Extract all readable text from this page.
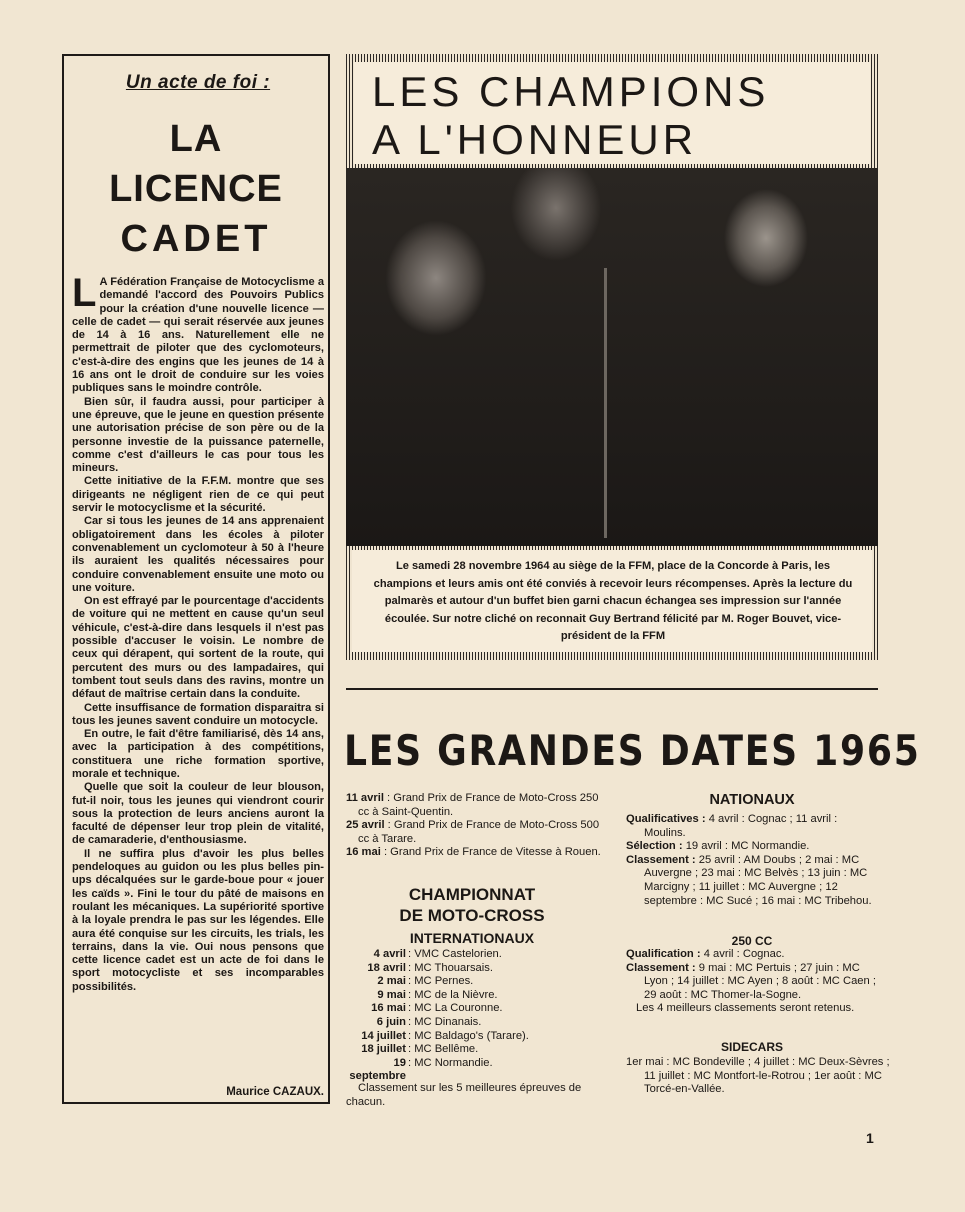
Un acte de foi :
LA
LICENCE
CADET

L A Fédération Française de Motocyclisme a demandé l'accord des Pouvoirs Publics pour la création d'une nouvelle licence — celle de cadet — qui serait réservée aux jeunes de 14 à 16 ans. Naturellement elle ne permettrait de piloter que des cyclomoteurs, c'est-à-dire des engins que les jeunes de 14 à 16 ans ont le droit de conduire sur les voies publiques sans le moindre contrôle.

Bien sûr, il faudra aussi, pour participer à une épreuve, que le jeune en question présente une autorisation précise de son père ou de la personne investie de la puissance paternelle, comme c'est d'ailleurs le cas pour tous les mineurs.

Cette initiative de la F.F.M. montre que ses dirigeants ne négligent rien de ce qui peut servir le motocyclisme et la sécurité.

Car si tous les jeunes de 14 ans apprenaient obligatoirement dans les écoles à piloter convenablement un cyclomoteur à 50 à l'heure ils auraient les qualités nécessaires pour conduire convenablement ensuite une moto ou une voiture.

On est effrayé par le pourcentage d'accidents de voiture qui ne mettent en cause qu'un seul véhicule, c'est-à-dire dans lesquels il n'est pas possible d'accuser le voisin. Le nombre de ceux qui dérapent, qui sortent de la route, qui percutent des murs ou des lampadaires, qui tombent tout seuls dans des ravins, montre un défaut de maîtrise certain dans la conduite.

Cette insuffisance de formation disparaitra si tous les jeunes savent conduire un motocycle.

En outre, le fait d'être familiarisé, dès 14 ans, avec la participation à des compétitions, constituera une riche formation sportive, morale et technique.

Quelle que soit la couleur de leur blouson, fut-il noir, tous les jeunes qui viendront courir sous la protection de leurs anciens auront la faculté de dépenser leur trop plein de vitalité, de camaraderie, d'enthousiasme.

Il ne suffira plus d'avoir les plus belles pendeloques au guidon ou les plus belles pin-ups décalquées sur le garde-boue pour « jouer les caïds ». Fini le tour du pâté de maisons en roulant les mécaniques. La supériorité sportive à la loyale prendra le pas sur les légendes. Elle aura été conquise sur les circuits, les trials, les terrains, dans la vie. Oui nous pensons que cette licence cadet est un acte de foi dans le sport motocycliste et ses incomparables possibilités.

Maurice CAZAUX.
LES CHAMPIONS
A L'HONNEUR
Le samedi 28 novembre 1964 au siège de la FFM, place de la Concorde à Paris, les champions et leurs amis ont été conviés à recevoir leurs récompenses. Après la lecture du palmarès et autour d'un buffet bien garni chacun échangea ses impression sur l'année écoulée. Sur notre cliché on reconnait Guy Bertrand félicité par M. Roger Bouvet, vice-président de la FFM
LES GRANDES DATES 1965
11 avril : Grand Prix de France de Moto-Cross 250 cc à Saint-Quentin.
25 avril : Grand Prix de France de Moto-Cross 500 cc à Tarare.
16 mai : Grand Prix de France de Vitesse à Rouen.
CHAMPIONNAT
DE MOTO-CROSS
INTERNATIONAUX
4 avril : VMC Castelorien.
18 avril : MC Thouarsais.
2 mai : MC Pernes.
9 mai : MC de la Nièvre.
16 mai : MC La Couronne.
6 juin : MC Dinanais.
14 juillet : MC Baldago's (Tarare).
18 juillet : MC Bellême.
19 septembre
: MC Normandie.
Classement sur les 5 meilleures épreuves de chacun.
NATIONAUX
Qualificatives : 4 avril : Cognac ; 11 avril : Moulins.
Sélection : 19 avril : MC Normandie.
Classement : 25 avril : AM Doubs ; 2 mai : MC Auvergne ; 23 mai : MC Belvès ; 13 juin : MC Marcigny ; 11 juillet : MC Auvergne ; 12 septembre : MC Sucé ; 16 mai : MC Tribehou.
250 CC
Qualification : 4 avril : Cognac.
Classement : 9 mai : MC Pertuis ; 27 juin : MC Lyon ; 14 juillet : MC Ayen ; 8 août : MC Caen ; 29 août : MC Thomer-la-Sogne.
Les 4 meilleurs classements seront retenus.
SIDECARS
1er mai : MC Bondeville ; 4 juillet : MC Deux-Sèvres ; 11 juillet : MC Montfort-le-Rotrou ; 1er août : MC Torcé-en-Vallée.
1
